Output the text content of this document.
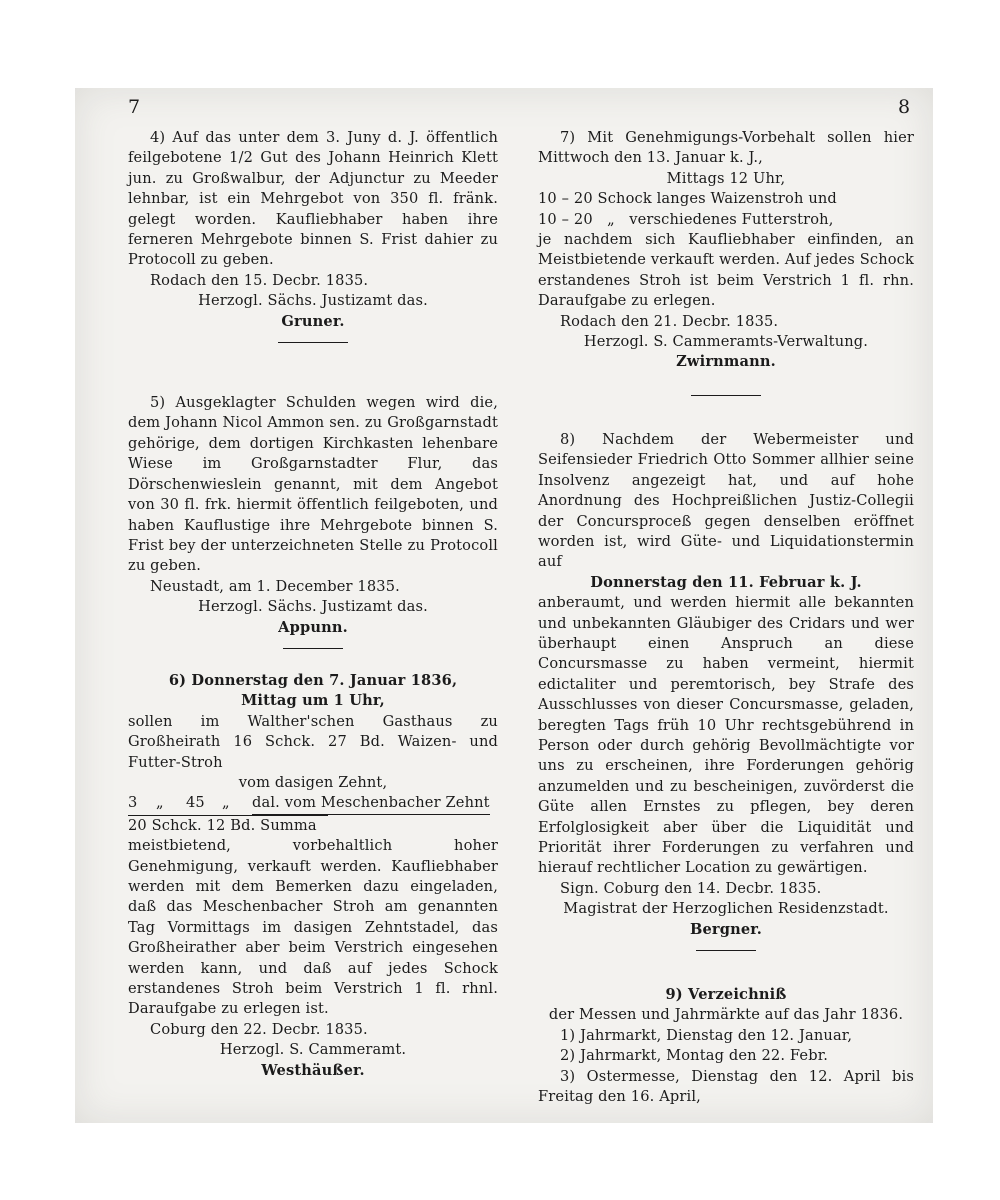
7	8

4) Auf das unter dem 3. Juny d. J. öffentlich feilgebotene 1/2 Gut des Johann Heinrich Klett jun. zu Großwalbur, der Adjunctur zu Meeder lehnbar, ist ein Mehrgebot von 350 fl. fränk. gelegt worden. Kaufliebhaber haben ihre ferneren Mehrgebote binnen S. Frist dahier zu Protocoll zu geben.

Rodach den 15. Decbr. 1835.

Herzogl. Sächs. Justizamt das.

Gruner.

5) Ausgeklagter Schulden wegen wird die, dem Johann Nicol Ammon sen. zu Großgarnstadt gehörige, dem dortigen Kirchkasten lehenbare Wiese im Großgarnstadter Flur, das Dörschenwieslein genannt, mit dem Angebot von 30 fl. frk. hiermit öffentlich feilgeboten, und haben Kauflustige ihre Mehrgebote binnen S. Frist bey der unterzeichneten Stelle zu Protocoll zu geben.

Neustadt, am 1. December 1835.

Herzogl. Sächs. Justizamt das.

Appunn.

6) Donnerstag den 7. Januar 1836,

Mittag um 1 Uhr,

sollen im Walther'schen Gasthaus zu Großheirath 16 Schck. 27 Bd. Waizen- und Futter-Stroh

vom dasigen Zehnt,

3	„	45	„	dal. vom Meschenbacher Zehnt

20 Schck. 12 Bd. Summa

meistbietend, vorbehaltlich hoher Genehmigung, verkauft werden. Kaufliebhaber werden mit dem Bemerken dazu eingeladen, daß das Meschenbacher Stroh am genannten Tag Vormittags im dasigen Zehntstadel, das Großheirather aber beim Verstrich eingesehen werden kann, und daß auf jedes Schock erstandenes Stroh beim Verstrich 1 fl. rhnl. Daraufgabe zu erlegen ist.

Coburg den 22. Decbr. 1835.

Herzogl. S. Cammeramt.

Westhäußer.

7) Mit Genehmigungs-Vorbehalt sollen hier Mittwoch den 13. Januar k. J.,

Mittags 12 Uhr,

10 – 20 Schock langes Waizenstroh und

10 – 20   „   verschiedenes Futterstroh,

je nachdem sich Kaufliebhaber einfinden, an Meistbietende verkauft werden. Auf jedes Schock erstandenes Stroh ist beim Verstrich 1 fl. rhn. Daraufgabe zu erlegen.

Rodach den 21. Decbr. 1835.

Herzogl. S. Cammeramts-Verwaltung.

Zwirnmann.

8) Nachdem der Webermeister und Seifensieder Friedrich Otto Sommer allhier seine Insolvenz angezeigt hat, und auf hohe Anordnung des Hochpreißlichen Justiz-Collegii der Concursproceß gegen denselben eröffnet worden ist, wird Güte- und Liquidationstermin auf

Donnerstag den 11. Februar k. J.

anberaumt, und werden hiermit alle bekannten und unbekannten Gläubiger des Cridars und wer überhaupt einen Anspruch an diese Concursmasse zu haben vermeint, hiermit edictaliter und peremtorisch, bey Strafe des Ausschlusses von dieser Concursmasse, geladen, beregten Tags früh 10 Uhr rechtsgebührend in Person oder durch gehörig Bevollmächtigte vor uns zu erscheinen, ihre Forderungen gehörig anzumelden und zu bescheinigen, zuvörderst die Güte allen Ernstes zu pflegen, bey deren Erfolglosigkeit aber über die Liquidität und Priorität ihrer Forderungen zu verfahren und hierauf rechtlicher Location zu gewärtigen.

Sign. Coburg den 14. Decbr. 1835.

Magistrat der Herzoglichen Residenzstadt.

Bergner.

9) Verzeichniß

der Messen und Jahrmärkte auf das Jahr 1836.

1) Jahrmarkt, Dienstag den 12. Januar,

2) Jahrmarkt, Montag den 22. Febr.

3) Ostermesse, Dienstag den 12. April bis Freitag den 16. April,
